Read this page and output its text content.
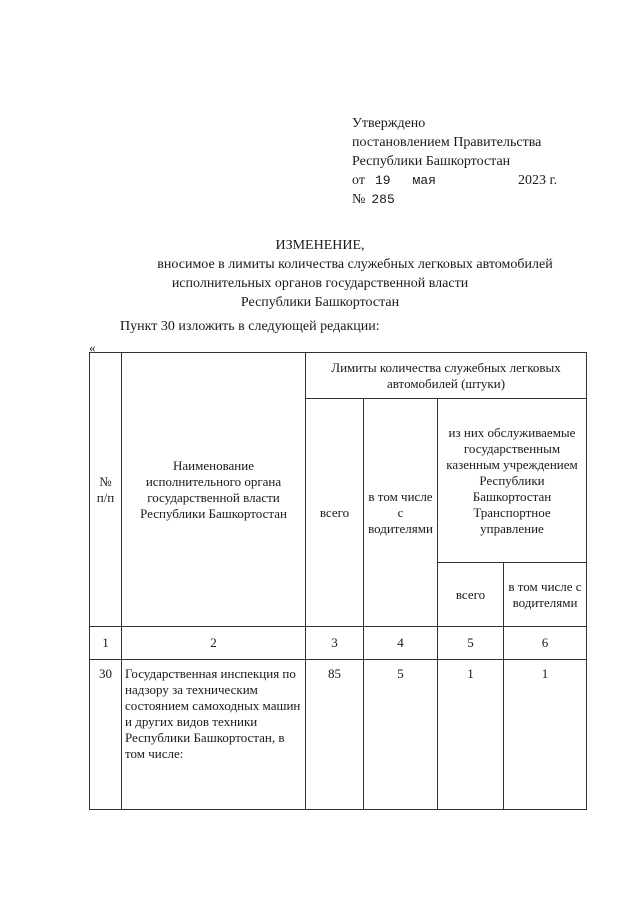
Утверждено
постановлением Правительства
Республики Башкортостан
от 19 мая	2023 г.
№ 285
ИЗМЕНЕНИЕ,
вносимое в лимиты количества служебных легковых автомобилей
исполнительных органов государственной власти
Республики Башкортостан
Пункт 30 изложить в следующей редакции:
«
№ п/п	Наименование исполнительного органа государственной власти Республики Башкортостан	Лимиты количества служебных легковых автомобилей (штуки)			
		всего	в том числе с водителями	из них обслуживаемые государственным казенным учреждением Республики Башкортостан Транспортное управление	
				всего	в том числе с водителями
1	2	3	4	5	6
30	Государственная инспекция по надзору за техническим состоянием самоходных машин и других видов техники Республики Башкортостан, в том числе:	85	5	1	1
